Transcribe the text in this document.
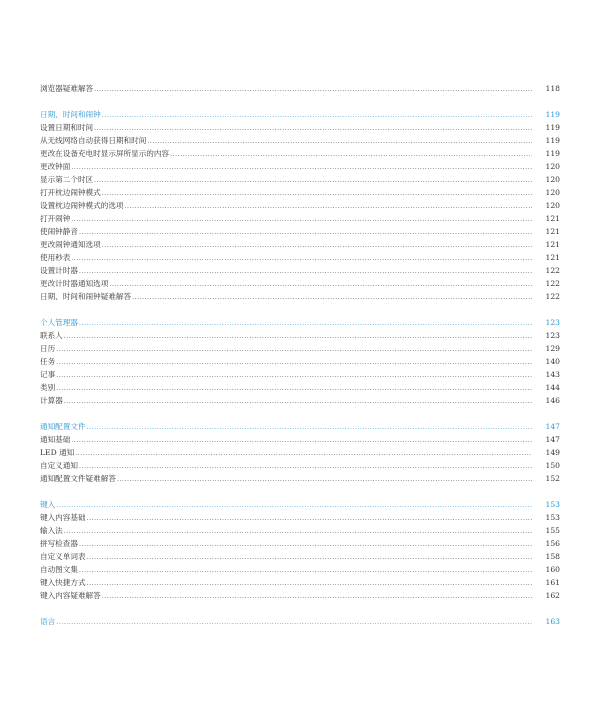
浏览器疑难解答 .....	118
日期、时间和闹钟 .....	119
设置日期和时间 .....	119
从无线网络自动获得日期和时间 .....	119
更改在设备充电时显示屏所显示的内容 .....	119
更改钟面 .....	120
显示第二个时区 .....	120
打开枕边闹钟模式 .....	120
设置枕边闹钟模式的选项 .....	120
打开闹钟 .....	121
使闹钟静音 .....	121
更改闹钟通知选项 .....	121
使用秒表 .....	121
设置计时器 .....	122
更改计时器通知选项 .....	122
日期、时间和闹钟疑难解答 .....	122
个人管理器 .....	123
联系人 .....	123
日历 .....	129
任务 .....	140
记事 .....	143
类别 .....	144
计算器 .....	146
通知配置文件 .....	147
通知基础 .....	147
LED 通知 .....	149
自定义通知 .....	150
通知配置文件疑难解答 .....	152
键入 .....	153
键入内容基础 .....	153
输入法 .....	155
拼写检查器 .....	156
自定义单词表 .....	158
自动图文集 .....	160
键入快捷方式 .....	161
键入内容疑难解答 .....	162
语言 .....	163
